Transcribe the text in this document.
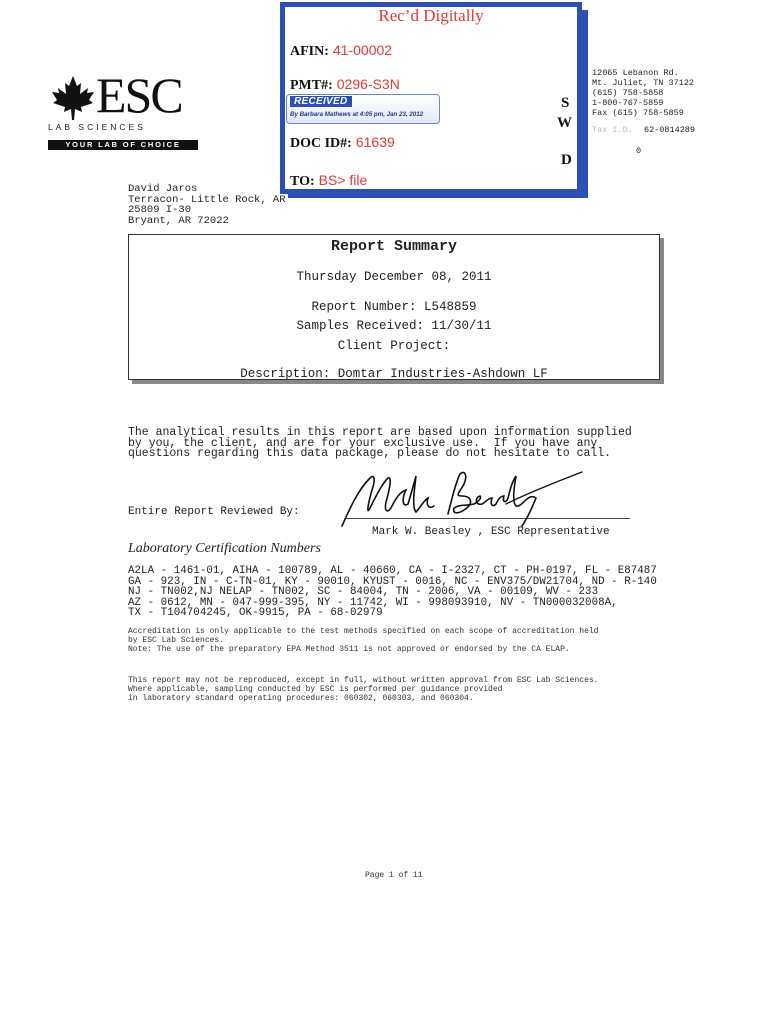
ESC
LAB SCIENCES
YOUR LAB OF CHOICE
12065 Lebanon Rd.
Mt. Juliet, TN 37122
(615) 758-5858
1-800-767-5859
Fax (615) 758-5859
Tax I.D. 62-0814289
0
David Jaros
Terracon- Little Rock, AR
25809 I-30
Bryant, AR 72022
Rec’d Digitally
AFIN: 41-00002
PMT#: 0296-S3N
RECEIVED
By Barbara Mathews at 4:05 pm, Jan 23, 2012
S
W
D
DOC ID#: 61639
TO: BS> file
Report Summary
Thursday December 08, 2011
Report Number: L548859
Samples Received: 11/30/11
Client Project:
Description: Domtar Industries-Ashdown LF
The analytical results in this report are based upon information supplied
by you, the client, and are for your exclusive use.  If you have any
questions regarding this data package, please do not hesitate to call.
Entire Report Reviewed By:
Mark Beasley
Mark W. Beasley , ESC Representative
Laboratory Certification Numbers
A2LA - 1461-01, AIHA - 100789, AL - 40660, CA - I-2327, CT - PH-0197, FL - E87487
GA - 923, IN - C-TN-01, KY - 90010, KYUST - 0016, NC - ENV375/DW21704, ND - R-140
NJ - TN002,NJ NELAP - TN002, SC - 84004, TN - 2006, VA - 00109, WV - 233
AZ - 0612, MN - 047-999-395, NY - 11742, WI - 998093910, NV - TN000032008A,
TX - T104704245, OK-9915, PA - 68-02979
Accreditation is only applicable to the test methods specified on each scope of accreditation held
by ESC Lab Sciences.
Note: The use of the preparatory EPA Method 3511 is not approved or endorsed by the CA ELAP.
This report may not be reproduced, except in full, without written approval from ESC Lab Sciences.
Where applicable, sampling conducted by ESC is performed per guidance provided
in laboratory standard operating procedures: 060302, 060303, and 060304.
Page 1 of 11
